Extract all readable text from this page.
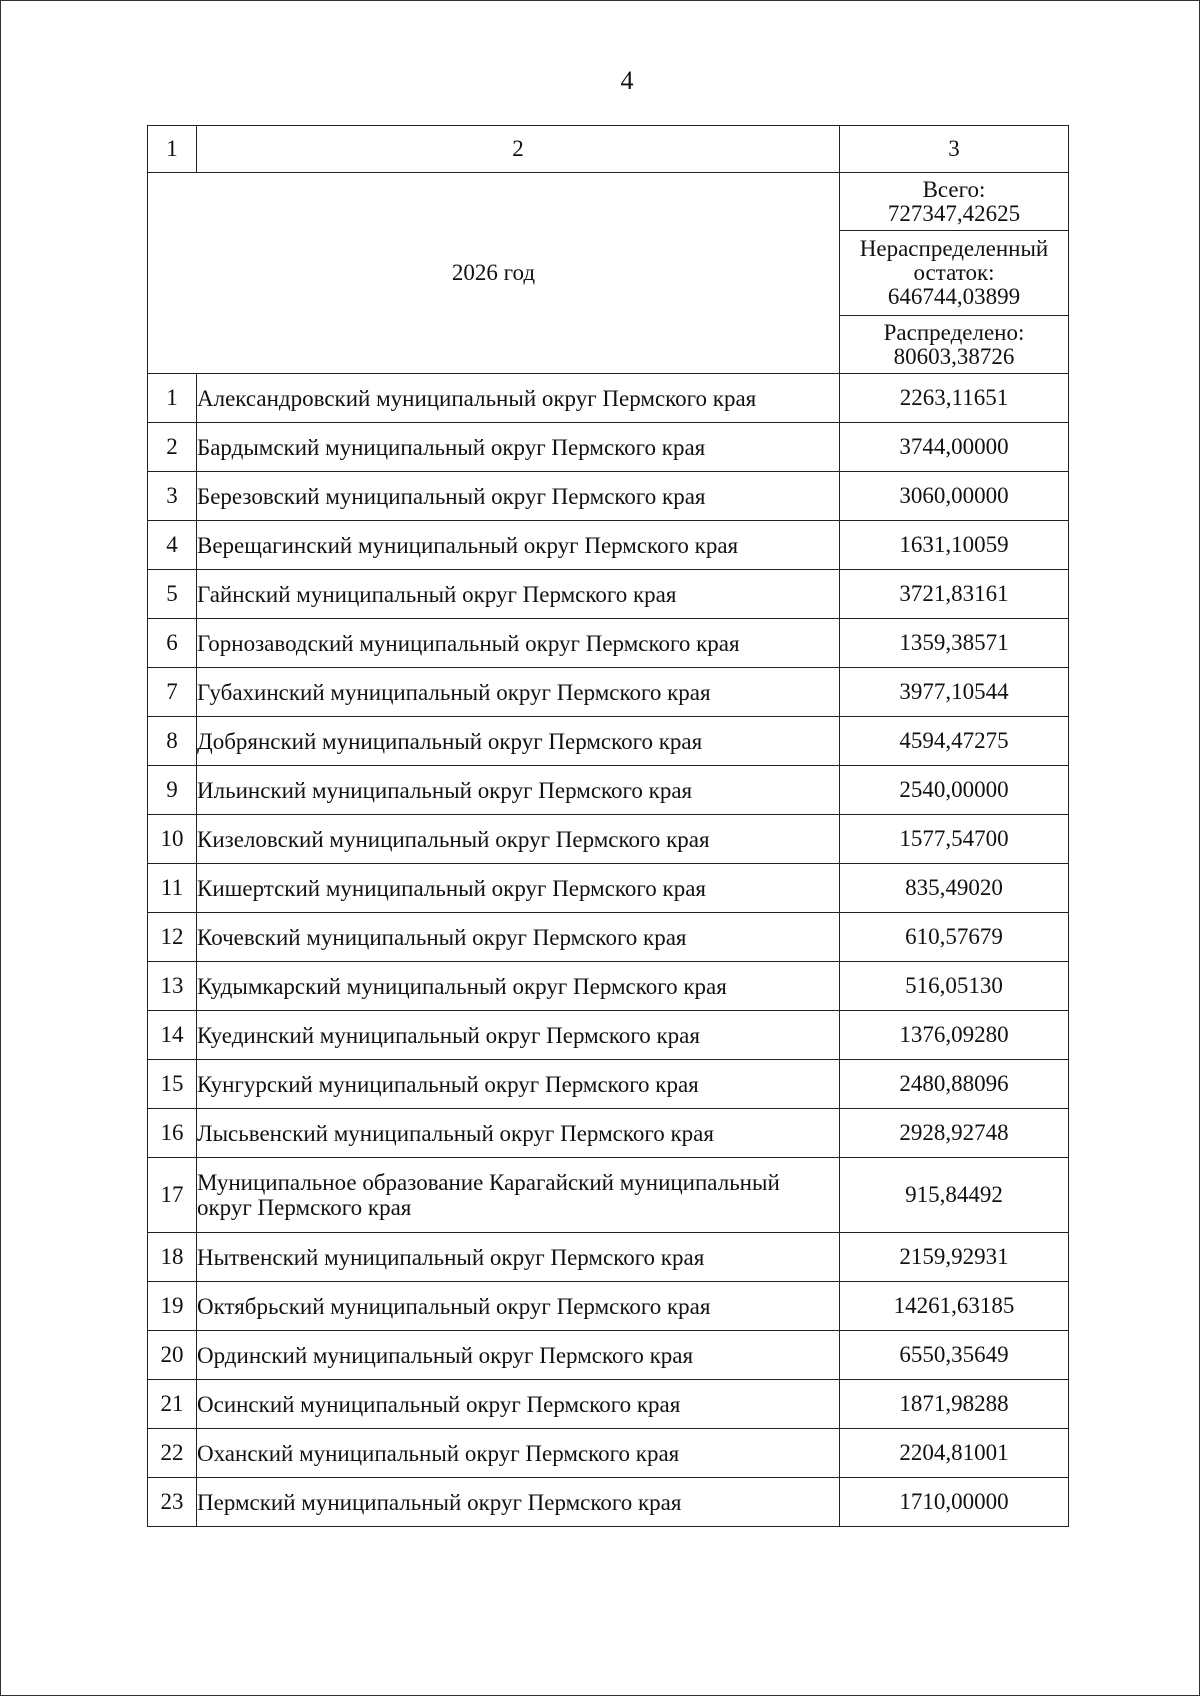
4
1	2	3
2026 год		Всего:
727347,42625

		Нераспределенный
остаток:
646744,03899

		Распределено:
80603,38726

1	Александровский муниципальный округ Пермского края	2263,11651
2	Бардымский муниципальный округ Пермского края	3744,00000
3	Березовский муниципальный округ Пермского края	3060,00000
4	Верещагинский муниципальный округ Пермского края	1631,10059
5	Гайнский муниципальный округ Пермского края	3721,83161
6	Горнозаводский муниципальный округ Пермского края	1359,38571
7	Губахинский муниципальный округ Пермского края	3977,10544
8	Добрянский муниципальный округ Пермского края	4594,47275
9	Ильинский муниципальный округ Пермского края	2540,00000
10	Кизеловский муниципальный округ Пермского края	1577,54700
11	Кишертский муниципальный округ Пермского края	835,49020
12	Кочевский муниципальный округ Пермского края	610,57679
13	Кудымкарский муниципальный округ Пермского края	516,05130
14	Куединский муниципальный округ Пермского края	1376,09280
15	Кунгурский муниципальный округ Пермского края	2480,88096
16	Лысьвенский муниципальный округ Пермского края	2928,92748
17	Муниципальное образование Карагайский муниципальный округ Пермского края	915,84492
18	Нытвенский муниципальный округ Пермского края	2159,92931
19	Октябрьский муниципальный округ Пермского края	14261,63185
20	Ординский муниципальный округ Пермского края	6550,35649
21	Осинский муниципальный округ Пермского края	1871,98288
22	Оханский муниципальный округ Пермского края	2204,81001
23	Пермский муниципальный округ Пермского края	1710,00000
